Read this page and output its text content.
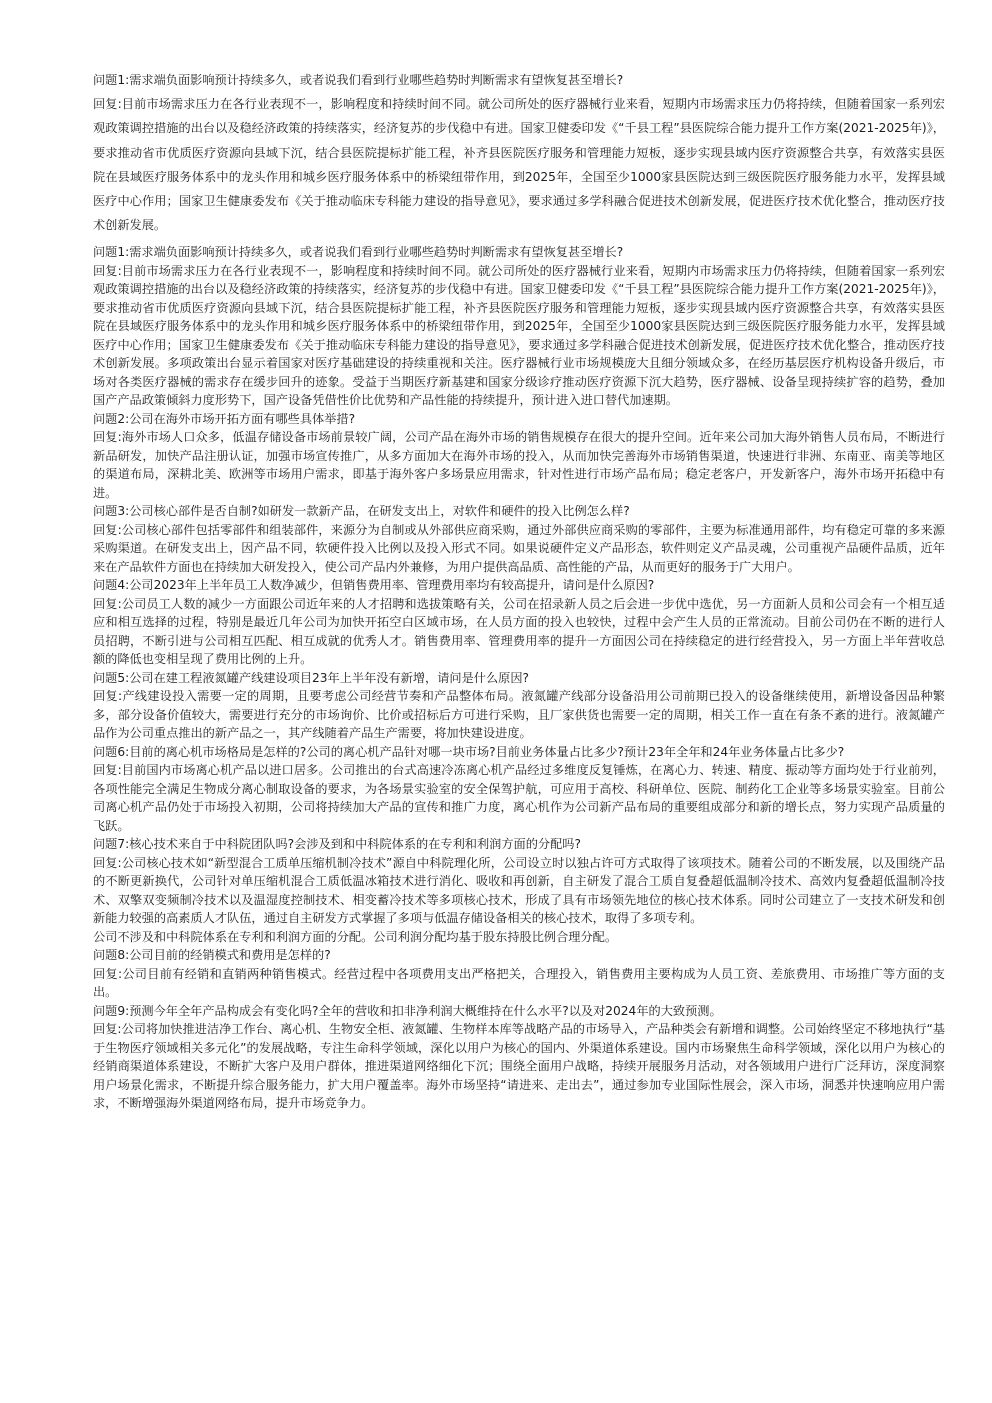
问题1:需求端负面影响预计持续多久，或者说我们看到行业哪些趋势时判断需求有望恢复甚至增长?

回复:目前市场需求压力在各行业表现不一，影响程度和持续时间不同。就公司所处的医疗器械行业来看，短期内市场需求压力仍将持续，但随着国家一系列宏观政策调控措施的出台以及稳经济政策的持续落实，经济复苏的步伐稳中有进。国家卫健委印发《“千县工程”县医院综合能力提升工作方案(2021-2025年)》，要求推动省市优质医疗资源向县域下沉，结合县医院提标扩能工程，补齐县医院医疗服务和管理能力短板，逐步实现县域内医疗资源整合共享，有效落实县医院在县域医疗服务体系中的龙头作用和城乡医疗服务体系中的桥梁纽带作用，到2025年，全国至少1000家县医院达到三级医院医疗服务能力水平，发挥县域医疗中心作用；国家卫生健康委发布《关于推动临床专科能力建设的指导意见》，要求通过多学科融合促进技术创新发展，促进医疗技术优化整合，推动医疗技术创新发展。

问题1:需求端负面影响预计持续多久，或者说我们看到行业哪些趋势时判断需求有望恢复甚至增长?

回复:目前市场需求压力在各行业表现不一，影响程度和持续时间不同。就公司所处的医疗器械行业来看，短期内市场需求压力仍将持续，但随着国家一系列宏观政策调控措施的出台以及稳经济政策的持续落实，经济复苏的步伐稳中有进。国家卫健委印发《“千县工程”县医院综合能力提升工作方案(2021-2025年)》，要求推动省市优质医疗资源向县域下沉，结合县医院提标扩能工程，补齐县医院医疗服务和管理能力短板，逐步实现县域内医疗资源整合共享，有效落实县医院在县域医疗服务体系中的龙头作用和城乡医疗服务体系中的桥梁纽带作用，到2025年，全国至少1000家县医院达到三级医院医疗服务能力水平，发挥县域医疗中心作用；国家卫生健康委发布《关于推动临床专科能力建设的指导意见》，要求通过多学科融合促进技术创新发展，促进医疗技术优化整合，推动医疗技术创新发展。多项政策出台显示着国家对医疗基础建设的持续重视和关注。医疗器械行业市场规模庞大且细分领域众多，在经历基层医疗机构设备升级后，市场对各类医疗器械的需求存在缓步回升的迹象。受益于当期医疗新基建和国家分级诊疗推动医疗资源下沉大趋势，医疗器械、设备呈现持续扩容的趋势，叠加国产产品政策倾斜力度形势下，国产设备凭借性价比优势和产品性能的持续提升，预计进入进口替代加速期。

问题2:公司在海外市场开拓方面有哪些具体举措?

回复:海外市场人口众多，低温存储设备市场前景较广阔，公司产品在海外市场的销售规模存在很大的提升空间。近年来公司加大海外销售人员布局，不断进行新品研发，加快产品注册认证，加强市场宣传推广，从多方面加大在海外市场的投入，从而加快完善海外市场销售渠道，快速进行非洲、东南亚、南美等地区的渠道布局，深耕北美、欧洲等市场用户需求，即基于海外客户多场景应用需求，针对性进行市场产品布局；稳定老客户，开发新客户，海外市场开拓稳中有进。

问题3:公司核心部件是否自制?如研发一款新产品，在研发支出上，对软件和硬件的投入比例怎么样?

回复:公司核心部件包括零部件和组装部件，来源分为自制或从外部供应商采购，通过外部供应商采购的零部件，主要为标准通用部件，均有稳定可靠的多来源采购渠道。在研发支出上，因产品不同，软硬件投入比例以及投入形式不同。如果说硬件定义产品形态，软件则定义产品灵魂，公司重视产品硬件品质，近年来在产品软件方面也在持续加大研发投入，使公司产品内外兼修，为用户提供高品质、高性能的产品，从而更好的服务于广大用户。

问题4:公司2023年上半年员工人数净减少，但销售费用率、管理费用率均有较高提升，请问是什么原因?

回复:公司员工人数的减少一方面跟公司近年来的人才招聘和选拔策略有关，公司在招录新人员之后会进一步优中选优，另一方面新人员和公司会有一个相互适应和相互选择的过程，特别是最近几年公司为加快开拓空白区域市场，在人员方面的投入也较快，过程中会产生人员的正常流动。目前公司仍在不断的进行人员招聘，不断引进与公司相互匹配、相互成就的优秀人才。销售费用率、管理费用率的提升一方面因公司在持续稳定的进行经营投入，另一方面上半年营收总额的降低也变相呈现了费用比例的上升。

问题5:公司在建工程液氮罐产线建设项目23年上半年没有新增，请问是什么原因?

回复:产线建设投入需要一定的周期，且要考虑公司经营节奏和产品整体布局。液氮罐产线部分设备沿用公司前期已投入的设备继续使用，新增设备因品种繁多，部分设备价值较大，需要进行充分的市场询价、比价或招标后方可进行采购，且厂家供货也需要一定的周期，相关工作一直在有条不紊的进行。液氮罐产品作为公司重点推出的新产品之一，其产线随着产品生产需要，将加快建设进度。

问题6:目前的离心机市场格局是怎样的?公司的离心机产品针对哪一块市场?目前业务体量占比多少?预计23年全年和24年业务体量占比多少?

回复:目前国内市场离心机产品以进口居多。公司推出的台式高速冷冻离心机产品经过多维度反复锤炼，在离心力、转速、精度、振动等方面均处于行业前列，各项性能完全满足生物成分离心制取设备的要求，为各场景实验室的安全保驾护航，可应用于高校、科研单位、医院、制药化工企业等多场景实验室。目前公司离心机产品仍处于市场投入初期，公司将持续加大产品的宣传和推广力度，离心机作为公司新产品布局的重要组成部分和新的增长点，努力实现产品质量的飞跃。

问题7:核心技术来自于中科院团队吗?会涉及到和中科院体系的在专利和利润方面的分配吗?

回复:公司核心技术如“新型混合工质单压缩机制冷技术”源自中科院理化所，公司设立时以独占许可方式取得了该项技术。随着公司的不断发展，以及围绕产品的不断更新换代，公司针对单压缩机混合工质低温冰箱技术进行消化、吸收和再创新，自主研发了混合工质自复叠超低温制冷技术、高效内复叠超低温制冷技术、双擎双变频制冷技术以及温湿度控制技术、相变蓄冷技术等多项核心技术，形成了具有市场领先地位的核心技术体系。同时公司建立了一支技术研发和创新能力较强的高素质人才队伍，通过自主研发方式掌握了多项与低温存储设备相关的核心技术，取得了多项专利。

公司不涉及和中科院体系在专利和利润方面的分配。公司利润分配均基于股东持股比例合理分配。

问题8:公司目前的经销模式和费用是怎样的?

回复:公司目前有经销和直销两种销售模式。经营过程中各项费用支出严格把关，合理投入，销售费用主要构成为人员工资、差旅费用、市场推广等方面的支出。

问题9:预测今年全年产品构成会有变化吗?全年的营收和扣非净利润大概维持在什么水平?以及对2024年的大致预测。

回复:公司将加快推进洁净工作台、离心机、生物安全柜、液氮罐、生物样本库等战略产品的市场导入，产品种类会有新增和调整。公司始终坚定不移地执行“基于生物医疗领域相关多元化”的发展战略，专注生命科学领域，深化以用户为核心的国内、外渠道体系建设。国内市场聚焦生命科学领域，深化以用户为核心的经销商渠道体系建设，不断扩大客户及用户群体，推进渠道网络细化下沉；围绕全面用户战略，持续开展服务月活动，对各领域用户进行广泛拜访，深度洞察用户场景化需求，不断提升综合服务能力，扩大用户覆盖率。海外市场坚持“请进来、走出去”，通过参加专业国际性展会，深入市场，洞悉并快速响应用户需求，不断增强海外渠道网络布局，提升市场竞争力。
